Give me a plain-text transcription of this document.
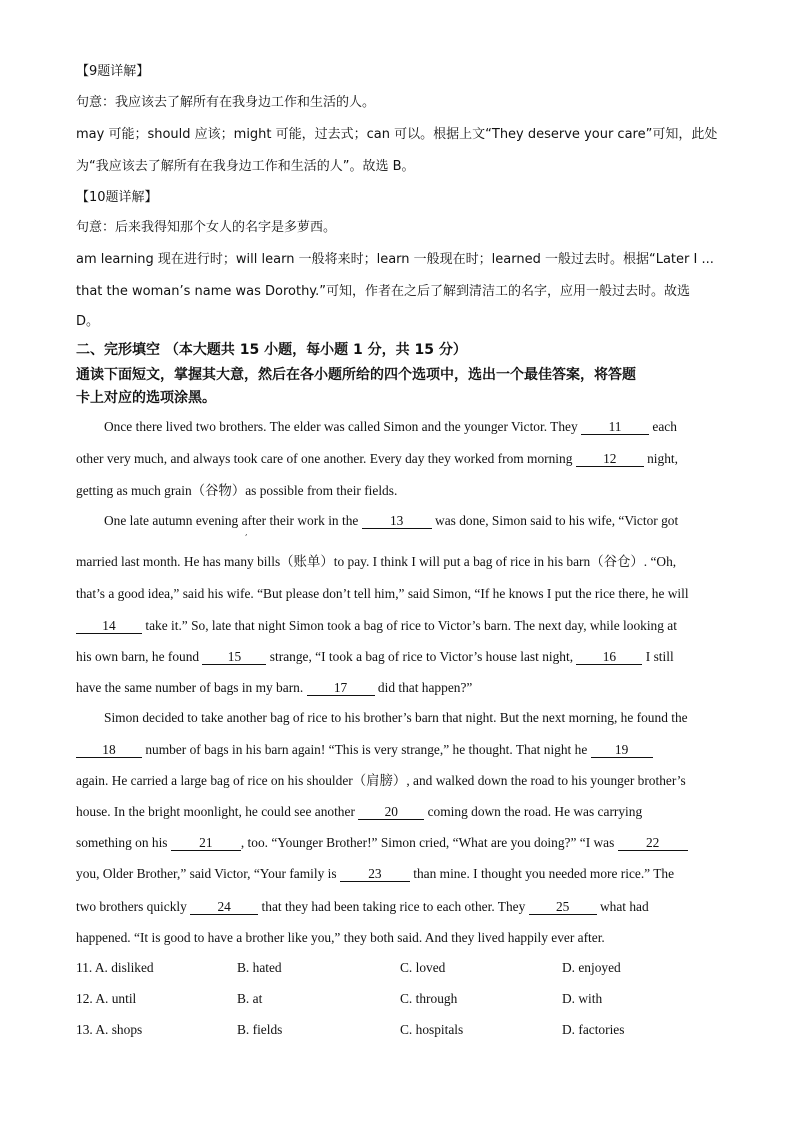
【9题详解】
句意：我应该去了解所有在我身边工作和生活的人。
may 可能；should 应该；might 可能，过去式；can 可以。根据上文“They deserve your care”可知，此处
为“我应该去了解所有在我身边工作和生活的人”。故选 B。
【10题详解】
句意：后来我得知那个女人的名字是多萝西。
am learning 现在进行时；will learn 一般将来时；learn 一般现在时；learned 一般过去时。根据“Later I ...
that the woman’s name was Dorothy.”可知，作者在之后了解到清洁工的名字，应用一般过去时。故选
D。
二、完形填空 （本大题共 15 小题，每小题 1 分，共 15 分）
通读下面短文，掌握其大意，然后在各小题所给的四个选项中，选出一个最佳答案，将答题
卡上对应的选项涂黑。
Once there lived two brothers. The elder was called Simon and the younger Victor. They 11 each
other very much, and always took care of one another. Every day they worked from morning 12 night,
getting as much grain（谷物）as possible from their fields.
One late autumn evening after their work in the 13 was done, Simon said to his wife, “Victor got
,
married last month. He has many bills（账单）to pay. I think I will put a bag of rice in his barn（谷仓）. “Oh,
that’s a good idea,” said his wife. “But please don’t tell him,” said Simon, “If he knows I put the rice there, he will
14 take it.” So, late that night Simon took a bag of rice to Victor’s barn. The next day, while looking at
his own barn, he found 15 strange, “I took a bag of rice to Victor’s house last night, 16 I still
have the same number of bags in my barn. 17 did that happen?”
Simon decided to take another bag of rice to his brother’s barn that night. But the next morning, he found the
18 number of bags in his barn again! “This is very strange,” he thought. That night he 19
again. He carried a large bag of rice on his shoulder（肩膀）, and walked down the road to his younger brother’s
house. In the bright moonlight, he could see another 20 coming down the road. He was carrying
something on his 21 , too. “Younger Brother!” Simon cried, “What are you doing?” “I was 22
you, Older Brother,” said Victor, “Your family is 23 than mine. I thought you needed more rice.” The
two brothers quickly 24 that they had been taking rice to each other. They 25 what had
happened. “It is good to have a brother like you,” they both said. And they lived happily ever after.
11. A. disliked	B. hated	C. loved	D. enjoyed
12. A. until	B. at	C. through	D. with
13. A. shops	B. fields	C. hospitals	D. factories
